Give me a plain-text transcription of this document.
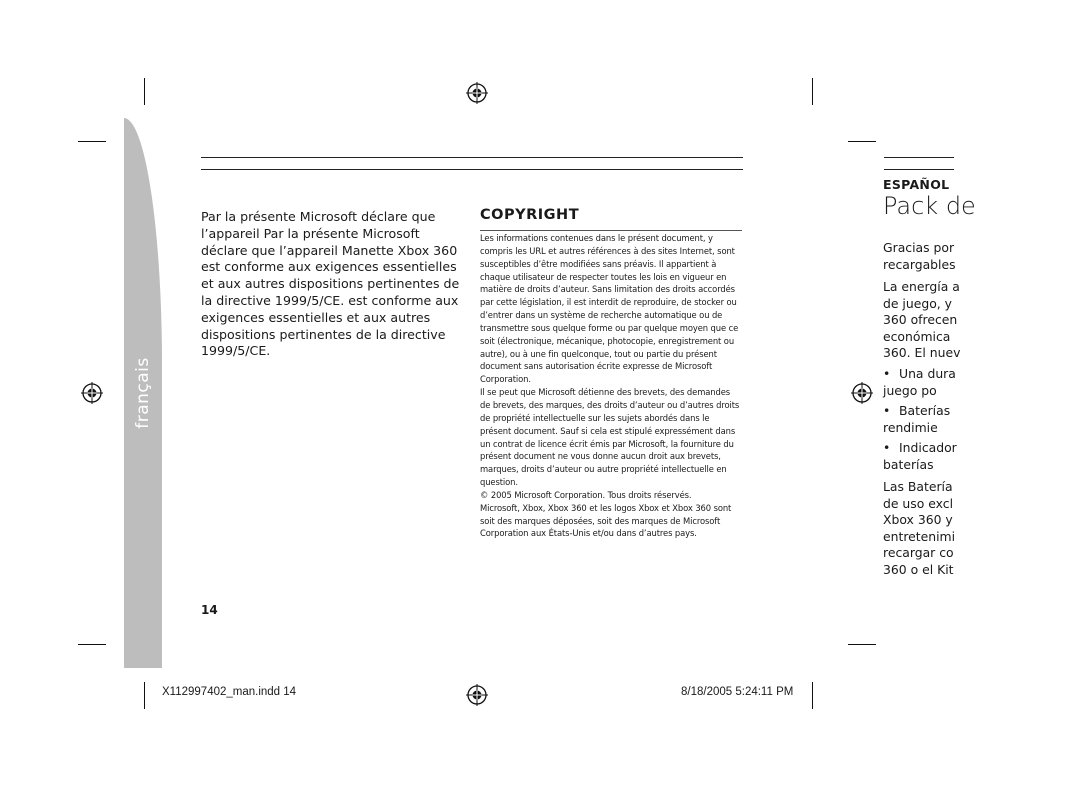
français
Par la présente Microsoft déclare que l’appareil Par la présente Microsoft déclare que l’appareil Manette Xbox 360 est conforme aux exigences essentielles et aux autres dispositions pertinentes de la directive 1999/5/CE. est conforme aux exigences essentielles et aux autres dispositions pertinentes de la directive 1999/5/CE.
COPYRIGHT

Les informations contenues dans le présent document, y compris les URL et autres références à des sites Internet, sont susceptibles d’être modifiées sans préavis. Il appartient à chaque utilisateur de respecter toutes les lois en vigueur en matière de droits d’auteur. Sans limitation des droits accordés par cette législation, il est interdit de reproduire, de stocker ou d’entrer dans un système de recherche automatique ou de transmettre sous quelque forme ou par quelque moyen que ce soit (électronique, mécanique, photocopie, enregistrement ou autre), ou à une fin quelconque, tout ou partie du présent document sans autorisation écrite expresse de Microsoft Corporation.

Il se peut que Microsoft détienne des brevets, des demandes de brevets, des marques, des droits d’auteur ou d’autres droits de propriété intellectuelle sur les sujets abordés dans le présent document. Sauf si cela est stipulé expressément dans un contrat de licence écrit émis par Microsoft, la fourniture du présent document ne vous donne aucun droit aux brevets, marques, droits d’auteur ou autre propriété intellectuelle en question.

© 2005 Microsoft Corporation. Tous droits réservés.

Microsoft, Xbox, Xbox 360 et les logos Xbox et Xbox 360 sont soit des marques déposées, soit des marques de Microsoft Corporation aux États-Unis et/ou dans d’autres pays.

14
X112997402_man.indd 14	8/18/2005 5:24:11 PM
ESPAÑOL
Pack de
Gracias por
recargables
La energía a
de juego, y
360 ofrecen
económica
360. El nuev
• Una dura
juego po
• Baterías
rendimie
• Indicador
baterías
Las Batería
de uso excl
Xbox 360 y
entretenimi
recargar co
360 o el Kit
